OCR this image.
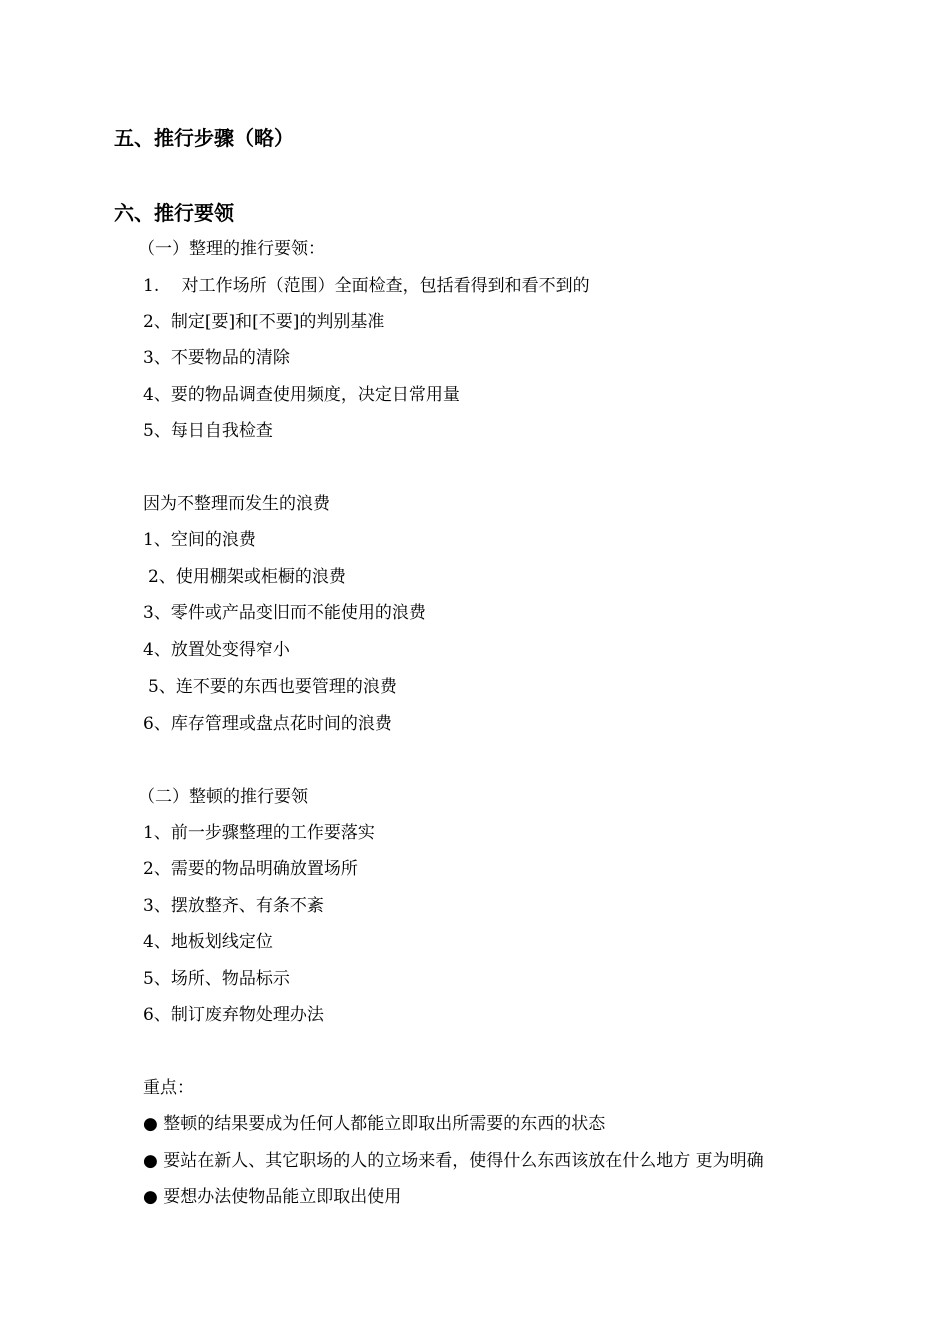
五、推行步骤（略）
六、推行要领
（一）整理的推行要领：
1.　 对工作场所（范围）全面检查，包括看得到和看不到的
2、制定[要]和[不要]的判别基准
3、不要物品的清除
4、要的物品调查使用频度，决定日常用量
5、每日自我检查
因为不整理而发生的浪费
1、空间的浪费
2、使用棚架或柜橱的浪费
3、零件或产品变旧而不能使用的浪费
4、放置处变得窄小
5、连不要的东西也要管理的浪费
6、库存管理或盘点花时间的浪费
（二）整顿的推行要领
1、前一步骤整理的工作要落实
2、需要的物品明确放置场所
3、摆放整齐、有条不紊
4、地板划线定位
5、场所、物品标示
6、制订废弃物处理办法
重点：
● 整顿的结果要成为任何人都能立即取出所需要的东西的状态
● 要站在新人、其它职场的人的立场来看，使得什么东西该放在什么地方 更为明确
● 要想办法使物品能立即取出使用
